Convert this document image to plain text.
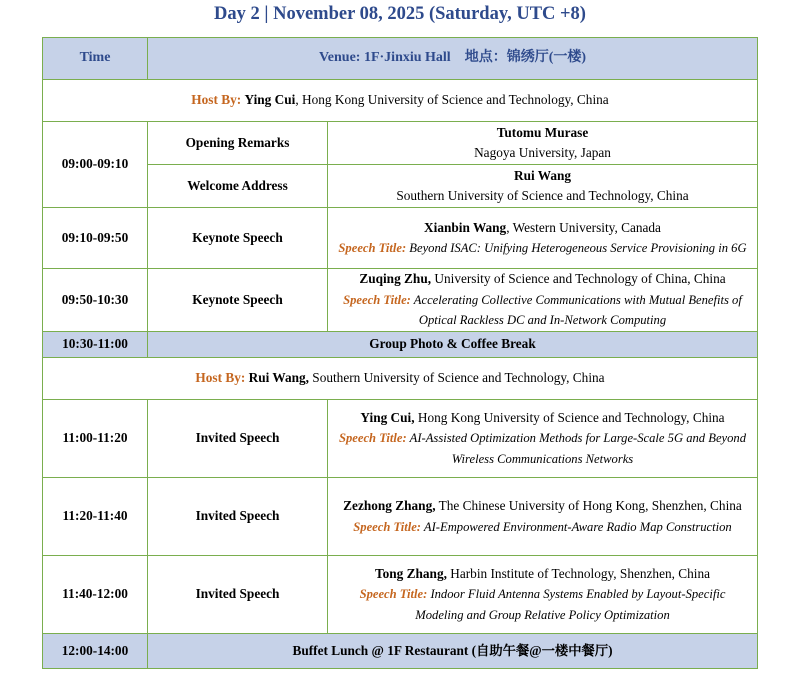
Day 2 | November 08, 2025 (Saturday, UTC +8)
Time	Venue: 1F·Jinxiu Hall    地点：锦绣厅(一楼)	
Host By: Ying Cui, Hong Kong University of Science and Technology, China		
09:00-09:10	Opening Remarks	Tutomu Murase
Nagoya University, Japan

	Welcome Address	Rui Wang
Southern University of Science and Technology, China

09:10-09:50	Keynote Speech	Xianbin Wang, Western University, Canada
Speech Title: Beyond ISAC: Unifying Heterogeneous Service Provisioning in 6G

09:50-10:30	Keynote Speech	Zuqing Zhu, University of Science and Technology of China, China
Speech Title: Accelerating Collective Communications with Mutual Benefits of Optical Rackless DC and In-Network Computing

10:30-11:00	Group Photo & Coffee Break	
Host By: Rui Wang, Southern University of Science and Technology, China		
11:00-11:20	Invited Speech	Ying Cui, Hong Kong University of Science and Technology, China
Speech Title: AI-Assisted Optimization Methods for Large-Scale 5G and Beyond Wireless Communications Networks

11:20-11:40	Invited Speech	Zezhong Zhang, The Chinese University of Hong Kong, Shenzhen, China
Speech Title: AI-Empowered Environment-Aware Radio Map Construction

11:40-12:00	Invited Speech	Tong Zhang, Harbin Institute of Technology, Shenzhen, China
Speech Title: Indoor Fluid Antenna Systems Enabled by Layout-Specific Modeling and Group Relative Policy Optimization

12:00-14:00	Buffet Lunch @ 1F Restaurant (自助午餐@一楼中餐厅)	
